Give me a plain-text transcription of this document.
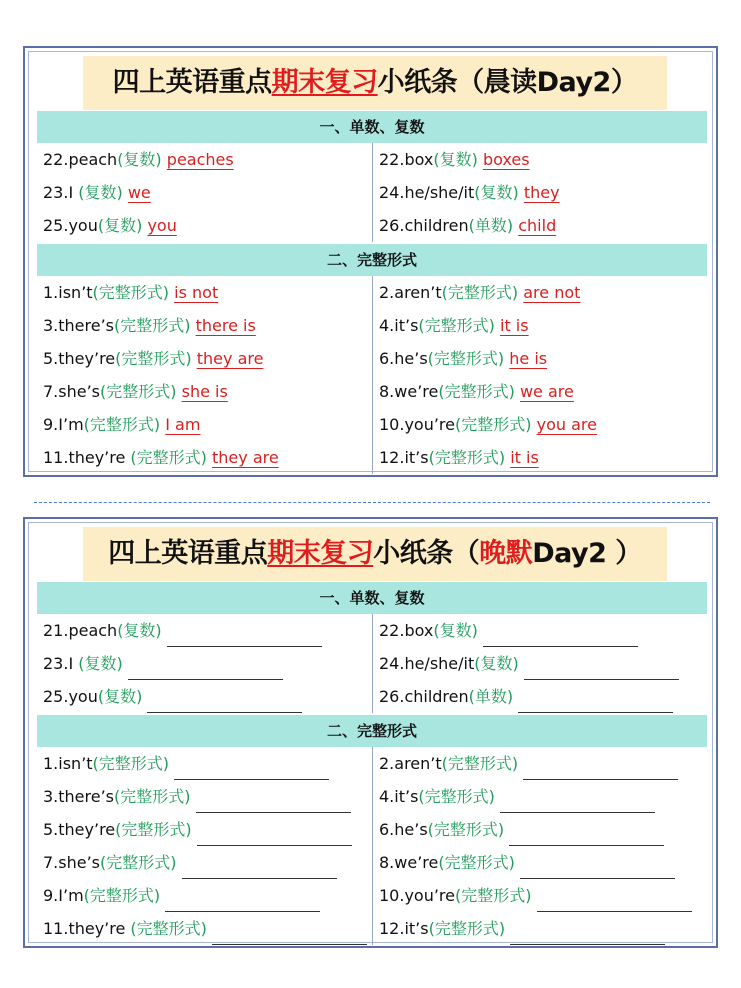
四上英语重点期末复习小纸条（晨读Day2）
一、单数、复数
22.peach(复数) peaches	22.box(复数) boxes
23.I (复数) we	24.he/she/it(复数) they
25.you(复数) you	26.children(单数) child
二、完整形式
1.isn’t(完整形式) is not	2.aren’t(完整形式) are not
3.there’s(完整形式) there is	4.it’s(完整形式) it is
5.they’re(完整形式) they are	6.he’s(完整形式) he is
7.she’s(完整形式) she is	8.we’re(完整形式) we are
9.I’m(完整形式) I am	10.you’re(完整形式) you are
11.they’re (完整形式) they are	12.it’s(完整形式) it is
四上英语重点期末复习小纸条（晚默Day2 ）
一、单数、复数
21.peach(复数)	22.box(复数)
23.I (复数)	24.he/she/it(复数)
25.you(复数)	26.children(单数)
二、完整形式
1.isn’t(完整形式)	2.aren’t(完整形式)
3.there’s(完整形式)	4.it’s(完整形式)
5.they’re(完整形式)	6.he’s(完整形式)
7.she’s(完整形式)	8.we’re(完整形式)
9.I’m(完整形式)	10.you’re(完整形式)
11.they’re (完整形式)	12.it’s(完整形式)
